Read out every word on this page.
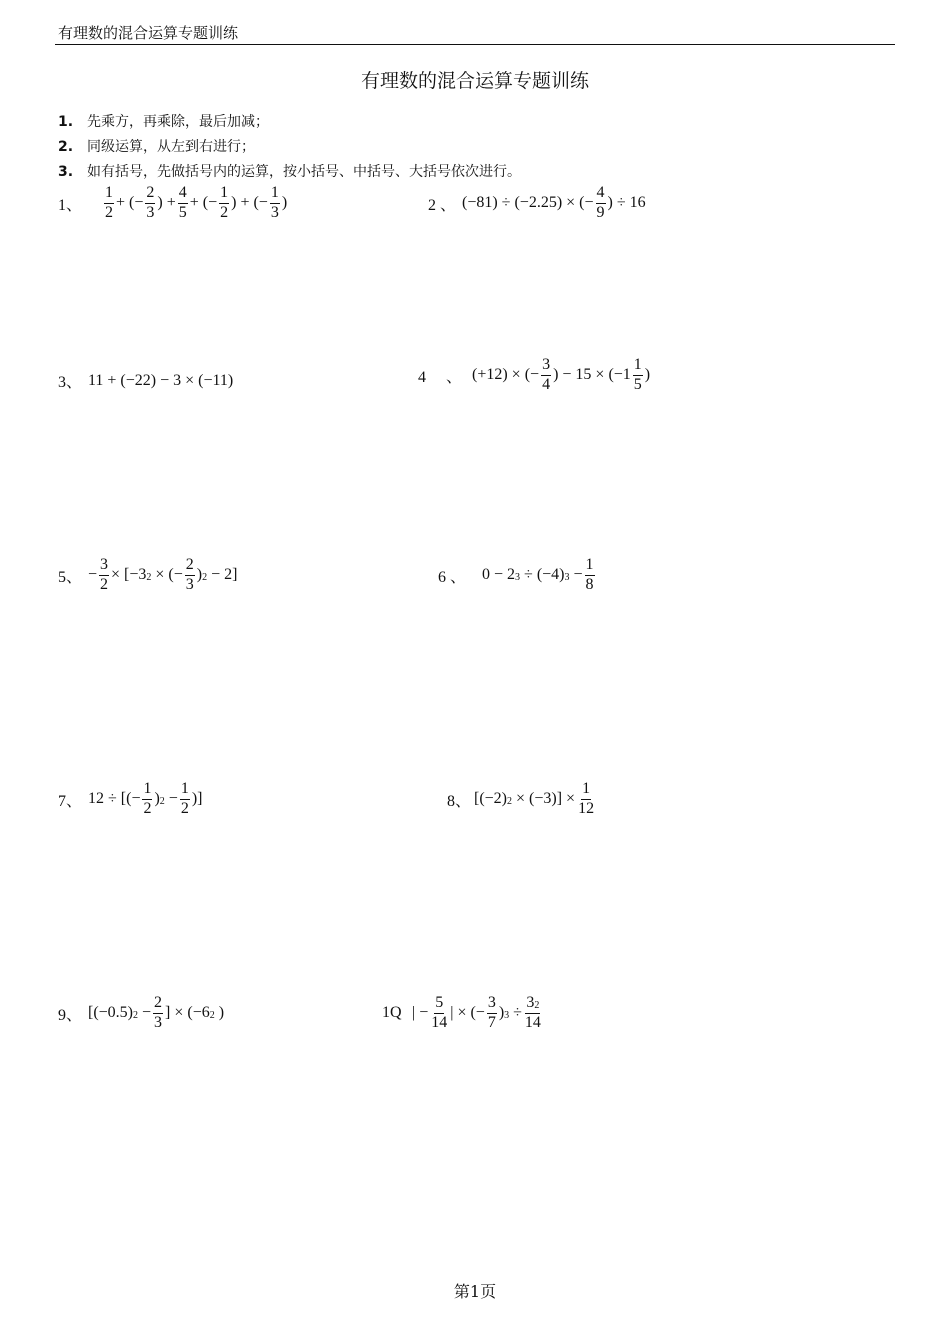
有理数的混合运算专题训练
有理数的混合运算专题训练
1. 先乘方，再乘除，最后加减；
2. 同级运算，从左到右进行；
3. 如有括号，先做括号内的运算，按小括号、中括号、大括号依次进行。
1、	$\frac{1}{2}$ + (− $\frac{2}{3}$ ) + $\frac{4}{5}$ + (− $\frac{1}{2}$ ) + (− $\frac{1}{3}$ )	2 、 (−81) ÷ (−2.25) × (− $\frac{4}{9}$ ) ÷ 16
3、 11 + (−22) − 3 × (−11)	4　 、 (+12) × (− $\frac{3}{4}$ ) − $15 \times (-1 \frac{1}{5}$ )
5、 − $\frac{3}{2} \times [-3^2$ × (− $\frac{2}{3} )^2 - 2$]	6 、 $0 - 2^3 \div (-4)^3 - \frac{1}{8}$
7、 12 ÷ [(− $\frac{1}{2} )^2 - \frac{1}{2}$ )]	8、 $[(-2)^2 \times (-3)] \times \frac{1}{12}$
9、 [$(-0.5)^2 - \frac{2}{3}$ ] × ($-6^2$ )	1Q | − $\frac{5}{14}$ | × (− $\frac{3}{7} )^3 \div \frac{3^2}{14}$
第1页
